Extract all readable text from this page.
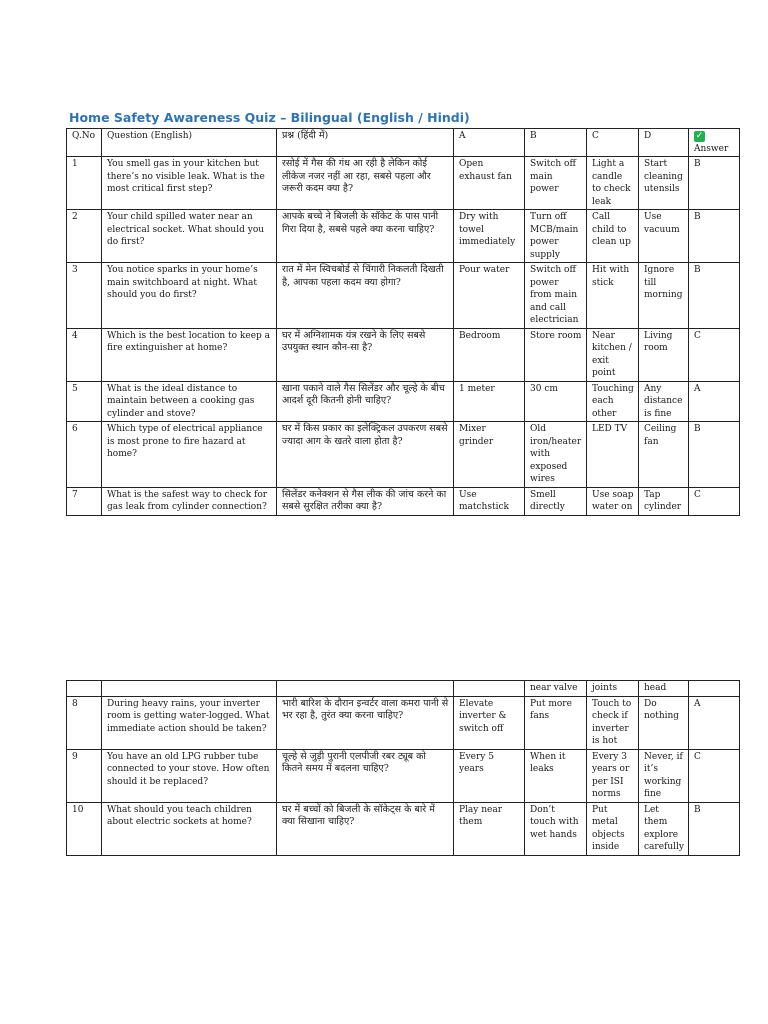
Home Safety Awareness Quiz – Bilingual (English / Hindi)
Q.No	Question (English)	प्रश्न (हिंदी में)	A	B	C	D	✓
Answer
1	You smell gas in your kitchen but there’s no visible leak. What is the most critical first step?	रसोई में गैस की गंध आ रही है लेकिन कोई लीकेज नजर नहीं आ रहा, सबसे पहला और जरूरी कदम क्या है?	Open exhaust fan	Switch off main power	Light a candle to check leak	Start cleaning utensils	B
2	Your child spilled water near an electrical socket. What should you do first?	आपके बच्चे ने बिजली के सॉकेट के पास पानी गिरा दिया है, सबसे पहले क्या करना चाहिए?	Dry with towel immediately	Turn off MCB/main power supply	Call child to clean up	Use vacuum	B
3	You notice sparks in your home’s main switchboard at night. What should you do first?	रात में मेन स्विचबोर्ड से चिंगारी निकलती दिखती है, आपका पहला कदम क्या होगा?	Pour water	Switch off power from main and call electrician	Hit with stick	Ignore till morning	B
4	Which is the best location to keep a fire extinguisher at home?	घर में अग्निशामक यंत्र रखने के लिए सबसे उपयुक्त स्थान कौन-सा है?	Bedroom	Store room	Near kitchen / exit point	Living room	C
5	What is the ideal distance to maintain between a cooking gas cylinder and stove?	खाना पकाने वाले गैस सिलेंडर और चूल्हे के बीच आदर्श दूरी कितनी होनी चाहिए?	1 meter	30 cm	Touching each other	Any distance is fine	A
6	Which type of electrical appliance is most prone to fire hazard at home?	घर में किस प्रकार का इलेक्ट्रिकल उपकरण सबसे ज्यादा आग के खतरे वाला होता है?	Mixer grinder	Old iron/heater with exposed wires	LED TV	Ceiling fan	B
7	What is the safest way to check for gas leak from cylinder connection?	सिलेंडर कनेक्शन से गैस लीक की जांच करने का सबसे सुरक्षित तरीका क्या है?	Use matchstick	Smell directly	Use soap water on	Tap cylinder	C
				near valve	joints	head	
8	During heavy rains, your inverter room is getting water-logged. What immediate action should be taken?	भारी बारिश के दौरान इन्वर्टर वाला कमरा पानी से भर रहा है, तुरंत क्या करना चाहिए?	Elevate inverter & switch off	Put more fans	Touch to check if inverter is hot	Do nothing	A
9	You have an old LPG rubber tube connected to your stove. How often should it be replaced?	चूल्हे से जुड़ी पुरानी एलपीजी रबर ट्यूब को कितने समय में बदलना चाहिए?	Every 5 years	When it leaks	Every 3 years or per ISI norms	Never, if it’s working fine	C
10	What should you teach children about electric sockets at home?	घर में बच्चों को बिजली के सॉकेट्स के बारे में क्या सिखाना चाहिए?	Play near them	Don’t touch with wet hands	Put metal objects inside	Let them explore carefully	B
